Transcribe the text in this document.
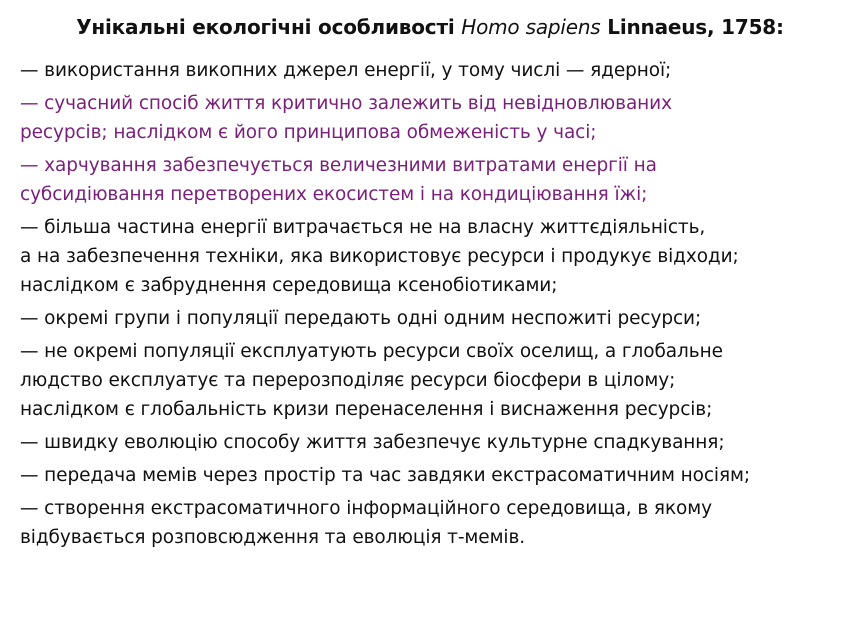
Унікальні екологічні особливості Homo sapiens Linnaeus, 1758:
— використання викопних джерел енергії, у тому числі — ядерної;
— сучасний спосіб життя критично залежить від невідновлюваних
ресурсів; наслідком є його принципова обмеженість у часі;
— харчування забезпечується величезними витратами енергії на
субсидіювання перетворених екосистем і на кондиціювання їжі;
— більша частина енергії витрачається не на власну життєдіяльність,
а на забезпечення техніки, яка використовує ресурси і продукує відходи;
наслідком є забруднення середовища ксенобіотиками;
— окремі групи і популяції передають одні одним неспожиті ресурси;
— не окремі популяції експлуатують ресурси своїх оселищ, а глобальне
людство експлуатує та перерозподіляє ресурси біосфери в цілому;
наслідком є глобальність кризи перенаселення і виснаження ресурсів;
— швидку еволюцію способу життя забезпечує культурне спадкування;
— передача мемів через простір та час завдяки екстрасоматичним носіям;
— створення екстрасоматичного інформаційного середовища, в якому
відбувається розповсюдження та еволюція т-мемів.
